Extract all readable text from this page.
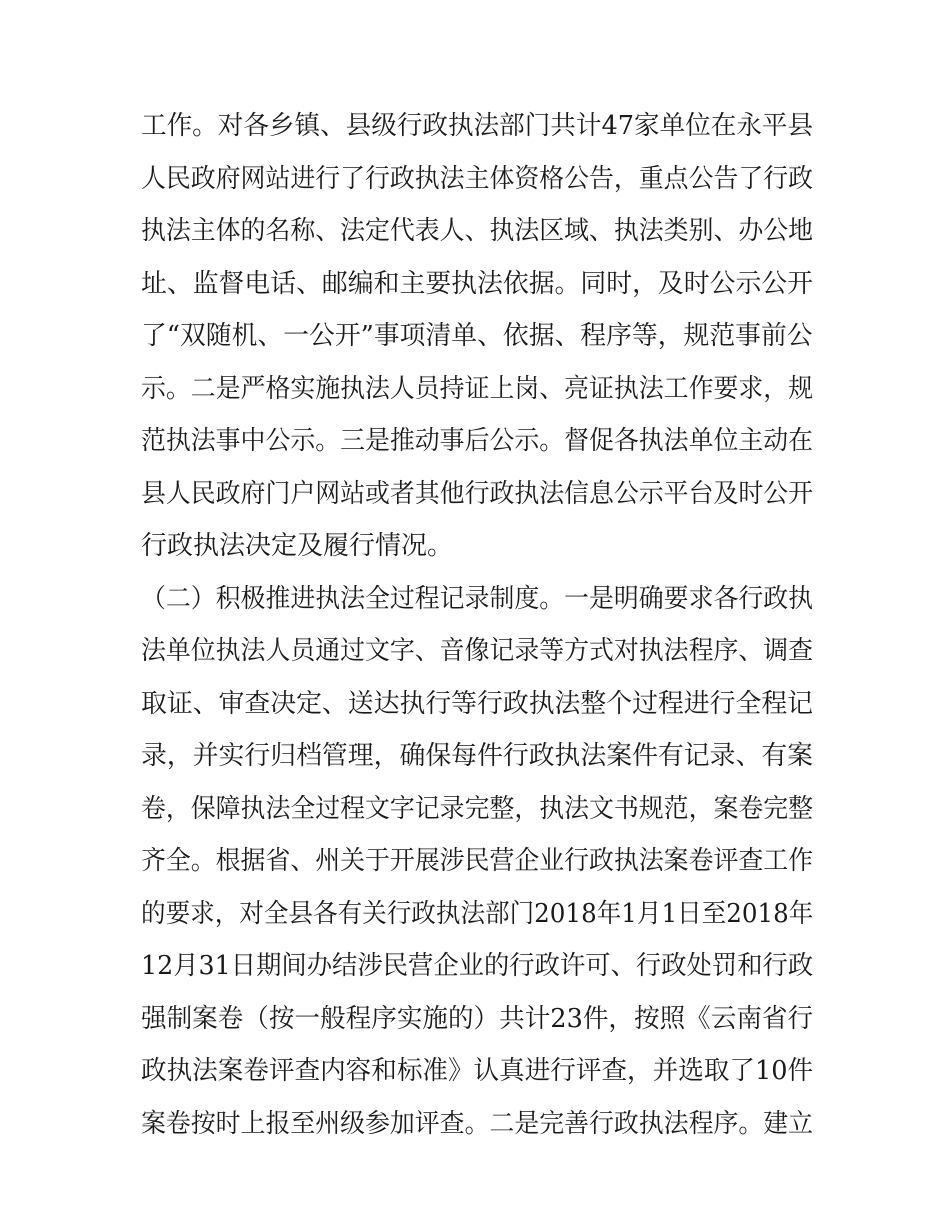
工作。对各乡镇、县级行政执法部门共计47家单位在永平县
人民政府网站进行了行政执法主体资格公告，重点公告了行政
执法主体的名称、法定代表人、执法区域、执法类别、办公地
址、监督电话、邮编和主要执法依据。同时，及时公示公开
了“双随机、一公开”事项清单、依据、程序等，规范事前公
示。二是严格实施执法人员持证上岗、亮证执法工作要求，规
范执法事中公示。三是推动事后公示。督促各执法单位主动在
县人民政府门户网站或者其他行政执法信息公示平台及时公开
行政执法决定及履行情况。
（二）积极推进执法全过程记录制度。一是明确要求各行政执
法单位执法人员通过文字、音像记录等方式对执法程序、调查
取证、审查决定、送达执行等行政执法整个过程进行全程记
录，并实行归档管理，确保每件行政执法案件有记录、有案
卷，保障执法全过程文字记录完整，执法文书规范，案卷完整
齐全。根据省、州关于开展涉民营企业行政执法案卷评查工作
的要求，对全县各有关行政执法部门2018年1月1日至2018年
12月31日期间办结涉民营企业的行政许可、行政处罚和行政
强制案卷（按一般程序实施的）共计23件，按照《云南省行
政执法案卷评查内容和标准》认真进行评查，并选取了10件
案卷按时上报至州级参加评查。二是完善行政执法程序。建立
